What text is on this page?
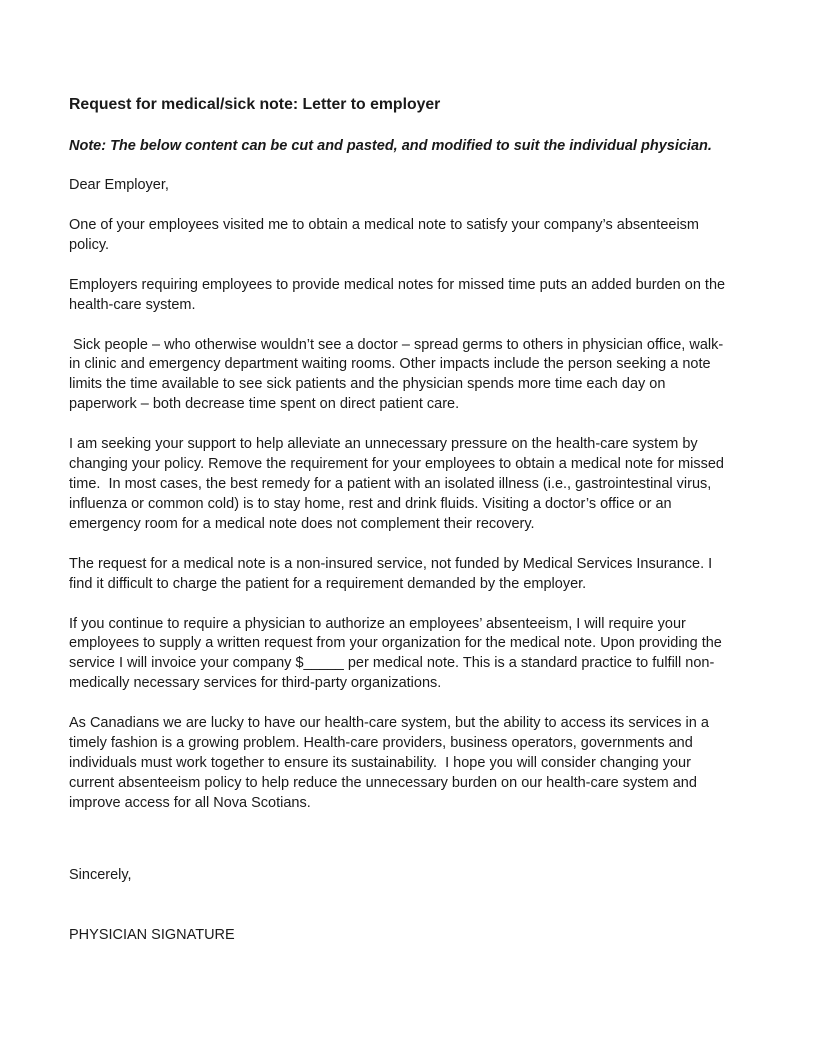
Request for medical/sick note: Letter to employer

Note: The below content can be cut and pasted, and modified to suit the individual physician.

Dear Employer,

One of your employees visited me to obtain a medical note to satisfy your company’s absenteeism policy.

Employers requiring employees to provide medical notes for missed time puts an added burden on the health-care system.

Sick people – who otherwise wouldn’t see a doctor – spread germs to others in physician office, walk-in clinic and emergency department waiting rooms. Other impacts include the person seeking a note limits the time available to see sick patients and the physician spends more time each day on paperwork – both decrease time spent on direct patient care.

I am seeking your support to help alleviate an unnecessary pressure on the health-care system by changing your policy. Remove the requirement for your employees to obtain a medical note for missed time.  In most cases, the best remedy for a patient with an isolated illness (i.e., gastrointestinal virus, influenza or common cold) is to stay home, rest and drink fluids. Visiting a doctor’s office or an emergency room for a medical note does not complement their recovery.

The request for a medical note is a non-insured service, not funded by Medical Services Insurance. I find it difficult to charge the patient for a requirement demanded by the employer.

If you continue to require a physician to authorize an employees’ absenteeism, I will require your employees to supply a written request from your organization for the medical note. Upon providing the service I will invoice your company $_____ per medical note. This is a standard practice to fulfill non-medically necessary services for third-party organizations.

As Canadians we are lucky to have our health-care system, but the ability to access its services in a timely fashion is a growing problem. Health-care providers, business operators, governments and individuals must work together to ensure its sustainability.  I hope you will consider changing your current absenteeism policy to help reduce the unnecessary burden on our health-care system and improve access for all Nova Scotians.

Sincerely,

PHYSICIAN SIGNATURE
